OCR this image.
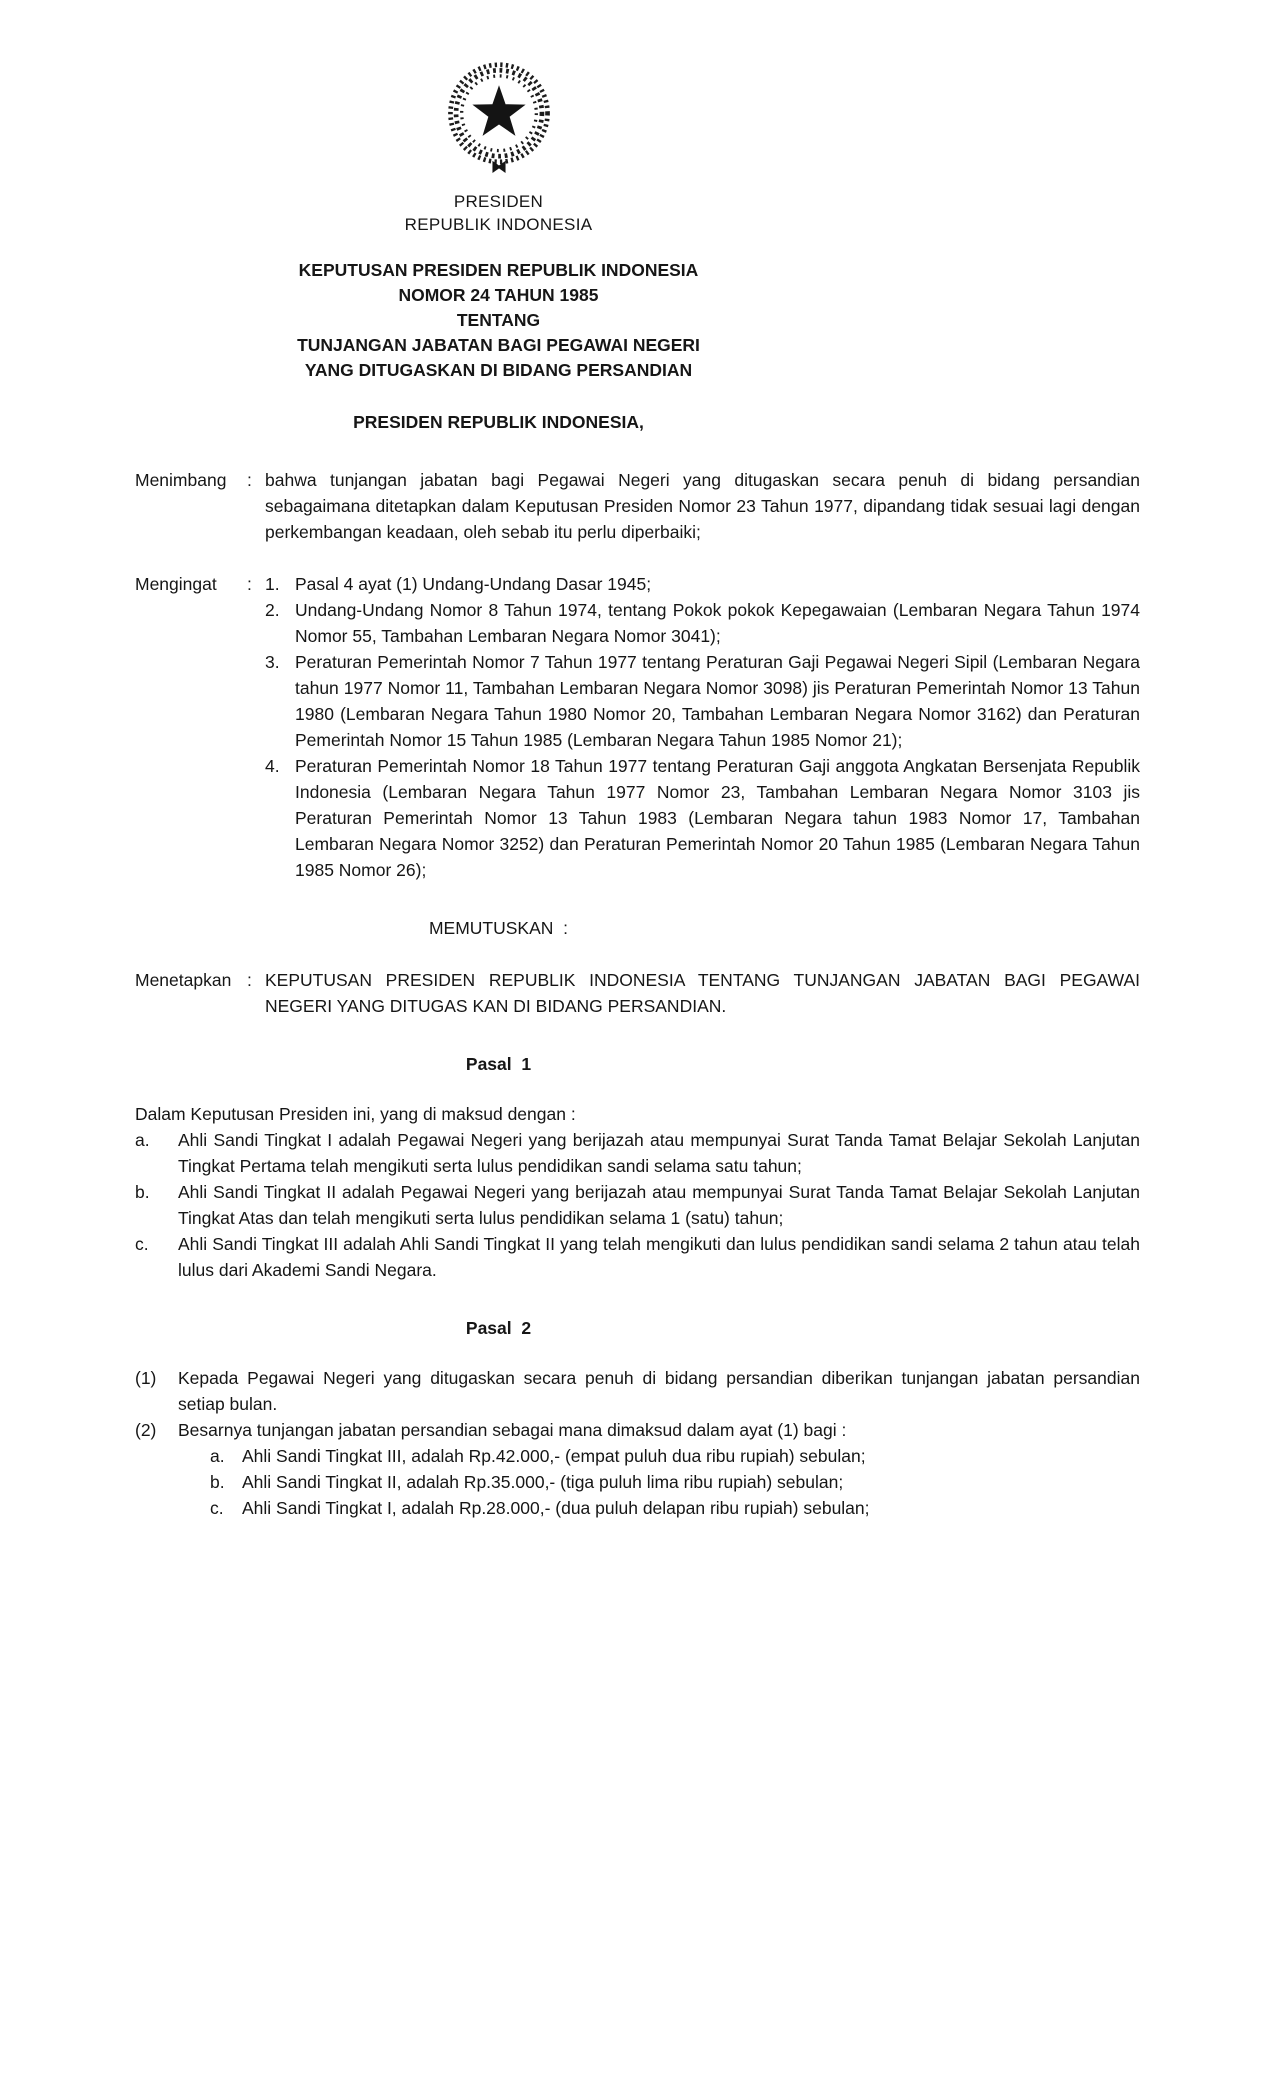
PRESIDEN
REPUBLIK INDONESIA
KEPUTUSAN PRESIDEN REPUBLIK INDONESIA
NOMOR 24 TAHUN 1985
TENTANG
TUNJANGAN JABATAN BAGI PEGAWAI NEGERI
YANG DITUGASKAN DI BIDANG PERSANDIAN
PRESIDEN REPUBLIK INDONESIA,
Menimbang	: bahwa tunjangan jabatan bagi Pegawai Negeri yang ditugaskan secara penuh di bidang persandian sebagaimana ditetapkan dalam Keputusan Presiden Nomor 23 Tahun 1977, dipandang tidak sesuai lagi dengan perkembangan keadaan, oleh sebab itu perlu diperbaiki;
Mengingat	: 1. Pasal 4 ayat (1) Undang-Undang Dasar 1945;
2. Undang-Undang Nomor 8 Tahun 1974, tentang Pokok pokok Kepegawaian (Lembaran Negara Tahun 1974 Nomor 55, Tambahan Lembaran Negara Nomor 3041);
3. Peraturan Pemerintah Nomor 7 Tahun 1977 tentang Peraturan Gaji Pegawai Negeri Sipil (Lembaran Negara tahun 1977 Nomor 11, Tambahan Lembaran Negara Nomor 3098) jis Peraturan Pemerintah Nomor 13 Tahun 1980 (Lembaran Negara Tahun 1980 Nomor 20, Tambahan Lembaran Negara Nomor 3162) dan Peraturan Pemerintah Nomor 15 Tahun 1985 (Lembaran Negara Tahun 1985 Nomor 21);
4. Peraturan Pemerintah Nomor 18 Tahun 1977 tentang Peraturan Gaji anggota Angkatan Bersenjata Republik Indonesia (Lembaran Negara Tahun 1977 Nomor 23, Tambahan Lembaran Negara Nomor 3103 jis Peraturan Pemerintah Nomor 13 Tahun 1983 (Lembaran Negara tahun 1983 Nomor 17, Tambahan Lembaran Negara Nomor 3252) dan Peraturan Pemerintah Nomor 20 Tahun 1985 (Lembaran Negara Tahun 1985 Nomor 26);
MEMUTUSKAN  :
Menetapkan : KEPUTUSAN PRESIDEN REPUBLIK INDONESIA TENTANG TUNJANGAN JABATAN BAGI PEGAWAI NEGERI YANG DITUGAS KAN DI BIDANG PERSANDIAN.
Pasal  1
Dalam Keputusan Presiden ini, yang di maksud dengan :
a.	Ahli Sandi Tingkat I adalah Pegawai Negeri yang berijazah atau mempunyai Surat Tanda Tamat Belajar Sekolah Lanjutan Tingkat Pertama telah mengikuti serta lulus pendidikan sandi selama satu tahun;
b.	Ahli Sandi Tingkat II adalah Pegawai Negeri yang berijazah atau mempunyai Surat Tanda Tamat Belajar Sekolah Lanjutan Tingkat Atas dan telah mengikuti serta lulus pendidikan selama 1 (satu) tahun;
c.	Ahli Sandi Tingkat III adalah Ahli Sandi Tingkat II yang telah mengikuti dan lulus pendidikan sandi selama 2 tahun atau telah lulus dari Akademi Sandi Negara.
Pasal  2
(1)	Kepada Pegawai Negeri yang ditugaskan secara penuh di bidang persandian diberikan tunjangan jabatan persandian setiap bulan.
(2)	Besarnya tunjangan jabatan persandian sebagai mana dimaksud dalam ayat (1) bagi :
a. Ahli Sandi Tingkat III, adalah Rp.42.000,- (empat puluh dua ribu rupiah) sebulan;
b. Ahli Sandi Tingkat II, adalah Rp.35.000,- (tiga puluh lima ribu rupiah) sebulan;
c.	Ahli Sandi Tingkat I, adalah Rp.28.000,- (dua puluh delapan ribu rupiah) sebulan;
